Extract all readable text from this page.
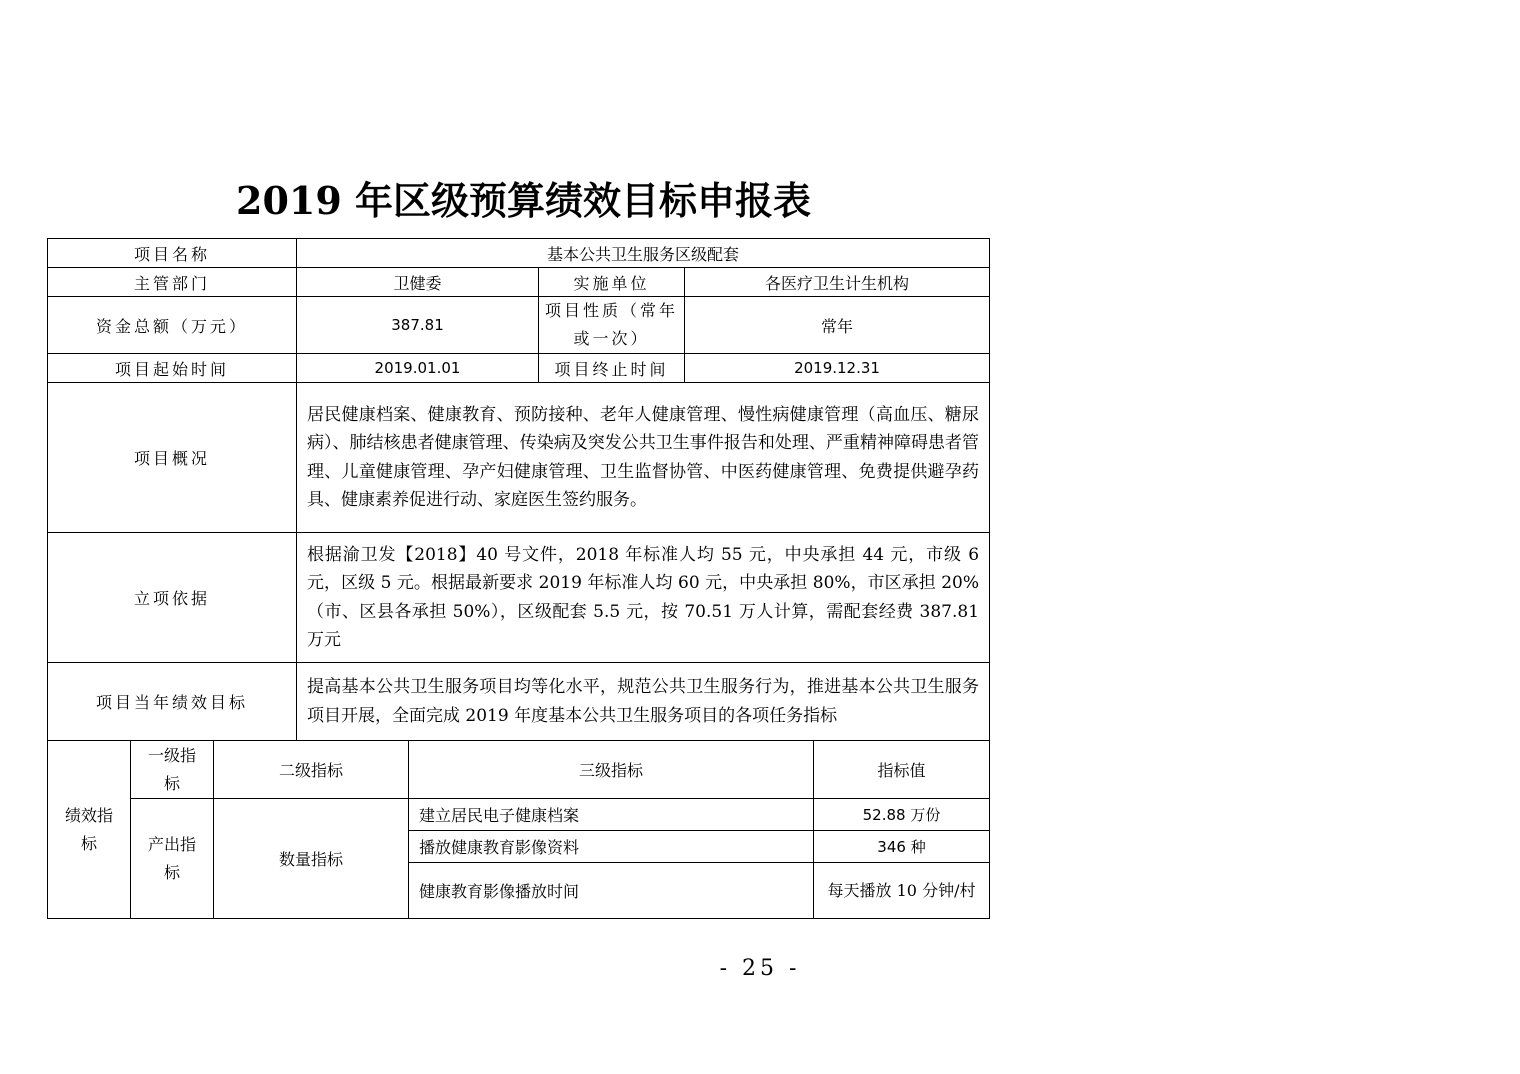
2019 年区级预算绩效目标申报表
项目名称	基本公共卫生服务区级配套		
主管部门	卫健委	实施单位	各医疗卫生计生机构
资金总额（万元）	387.81	项目性质（常年或一次）	常年
项目起始时间	2019.01.01	项目终止时间	2019.12.31
项目概况	居民健康档案、健康教育、预防接种、老年人健康管理、慢性病健康管理（高血压、糖尿病）、肺结核患者健康管理、传染病及突发公共卫生事件报告和处理、严重精神障碍患者管理、儿童健康管理、孕产妇健康管理、卫生监督协管、中医药健康管理、免费提供避孕药具、健康素养促进行动、家庭医生签约服务。		
立项依据	根据渝卫发【2018】40 号文件，2018 年标准人均 55 元，中央承担 44 元，市级 6 元，区级 5 元。根据最新要求 2019 年标准人均 60 元，中央承担 80%，市区承担 20%（市、区县各承担 50%），区级配套 5.5 元，按 70.51 万人计算，需配套经费 387.81 万元		
项目当年绩效目标	提高基本公共卫生服务项目均等化水平，规范公共卫生服务行为，推进基本公共卫生服务项目开展，全面完成 2019 年度基本公共卫生服务项目的各项任务指标		
绩效指标	一级指标	二级指标	三级指标	指标值
	产出指标	数量指标	建立居民电子健康档案	52.88 万份
			播放健康教育影像资料	346 种
			健康教育影像播放时间	每天播放 10 分钟/村
- 25 -
